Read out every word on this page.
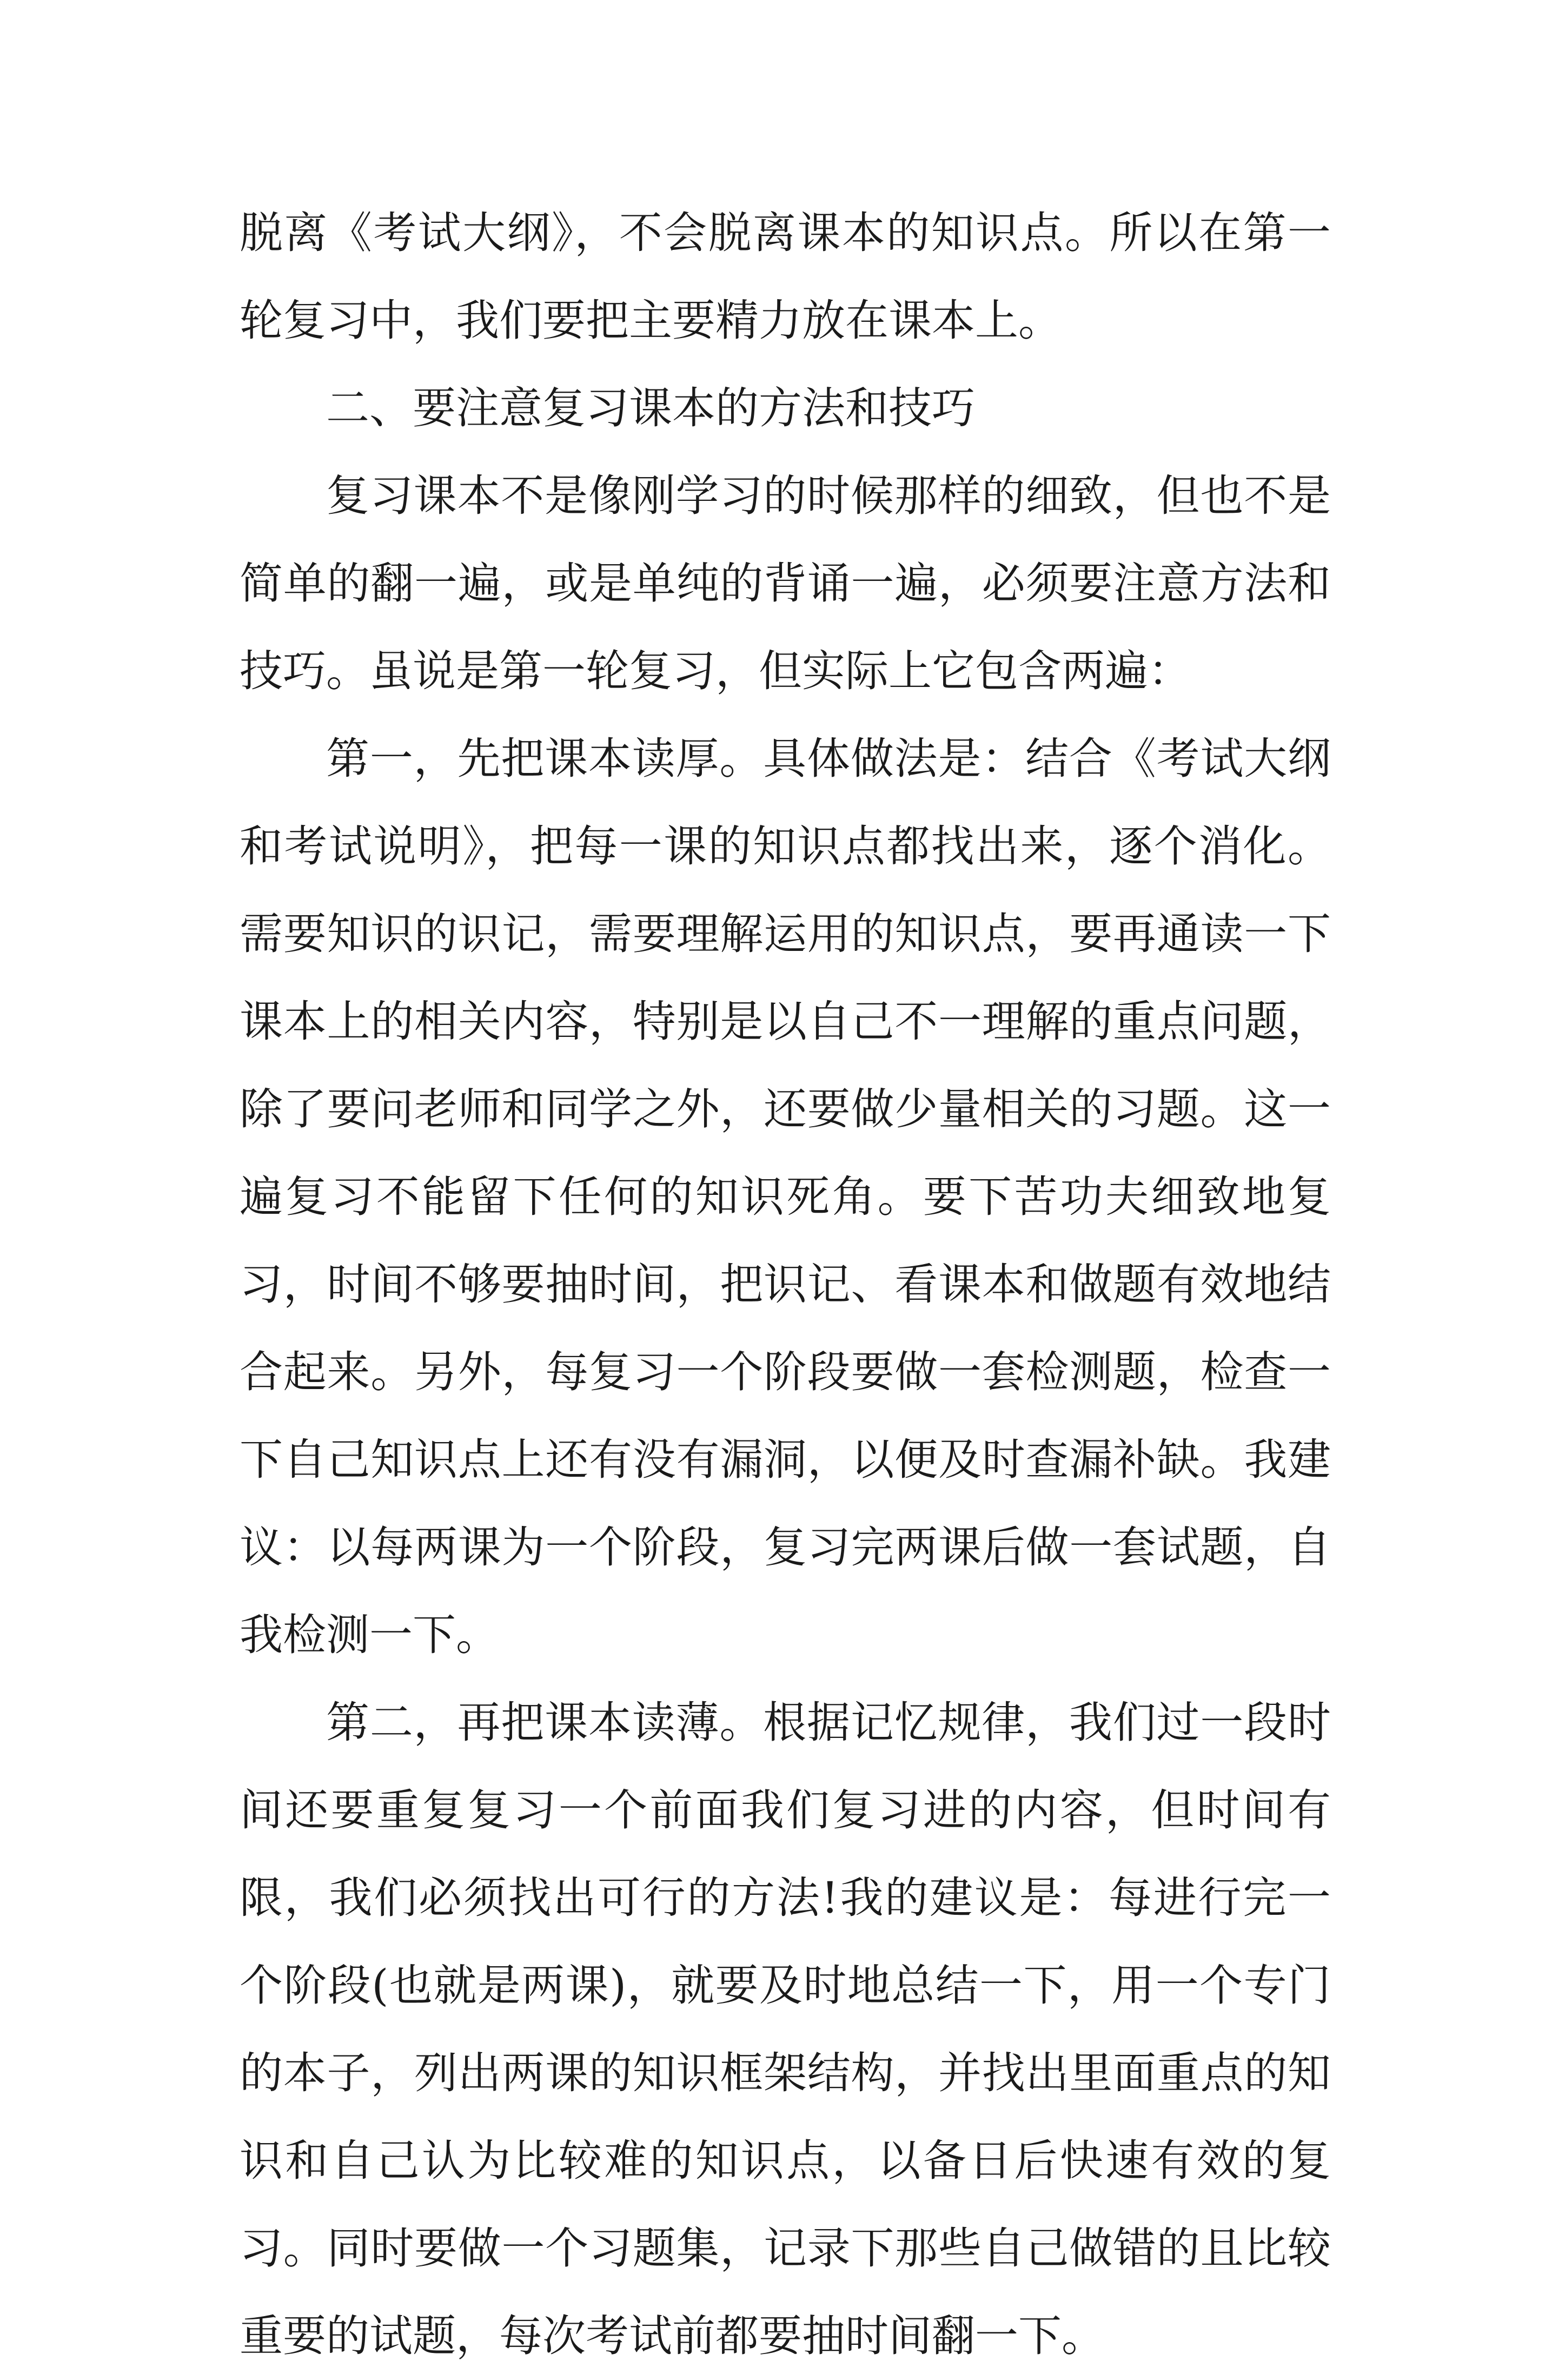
脱离《考试大纲》，不会脱离课本的知识点。所以在第一轮复习中，我们要把主要精力放在课本上。

二、要注意复习课本的方法和技巧

复习课本不是像刚学习的时候那样的细致，但也不是简单的翻一遍，或是单纯的背诵一遍，必须要注意方法和技巧。虽说是第一轮复习，但实际上它包含两遍：

第一，先把课本读厚。具体做法是：结合《考试大纲和考试说明》，把每一课的知识点都找出来，逐个消化。需要知识的识记，需要理解运用的知识点，要再通读一下课本上的相关内容，特别是以自己不一理解的重点问题，除了要问老师和同学之外，还要做少量相关的习题。这一遍复习不能留下任何的知识死角。要下苦功夫细致地复习，时间不够要抽时间，把识记、看课本和做题有效地结合起来。另外，每复习一个阶段要做一套检测题，检查一下自己知识点上还有没有漏洞，以便及时查漏补缺。我建议：以每两课为一个阶段，复习完两课后做一套试题，自我检测一下。

第二，再把课本读薄。根据记忆规律，我们过一段时间还要重复复习一个前面我们复习进的内容，但时间有限，我们必须找出可行的方法!我的建议是：每进行完一个阶段(也就是两课)，就要及时地总结一下，用一个专门的本子，列出两课的知识框架结构，并找出里面重点的知识和自己认为比较难的知识点，以备日后快速有效的复习。同时要做一个习题集，记录下那些自己做错的且比较重要的试题，每次考试前都要抽时间翻一下。
